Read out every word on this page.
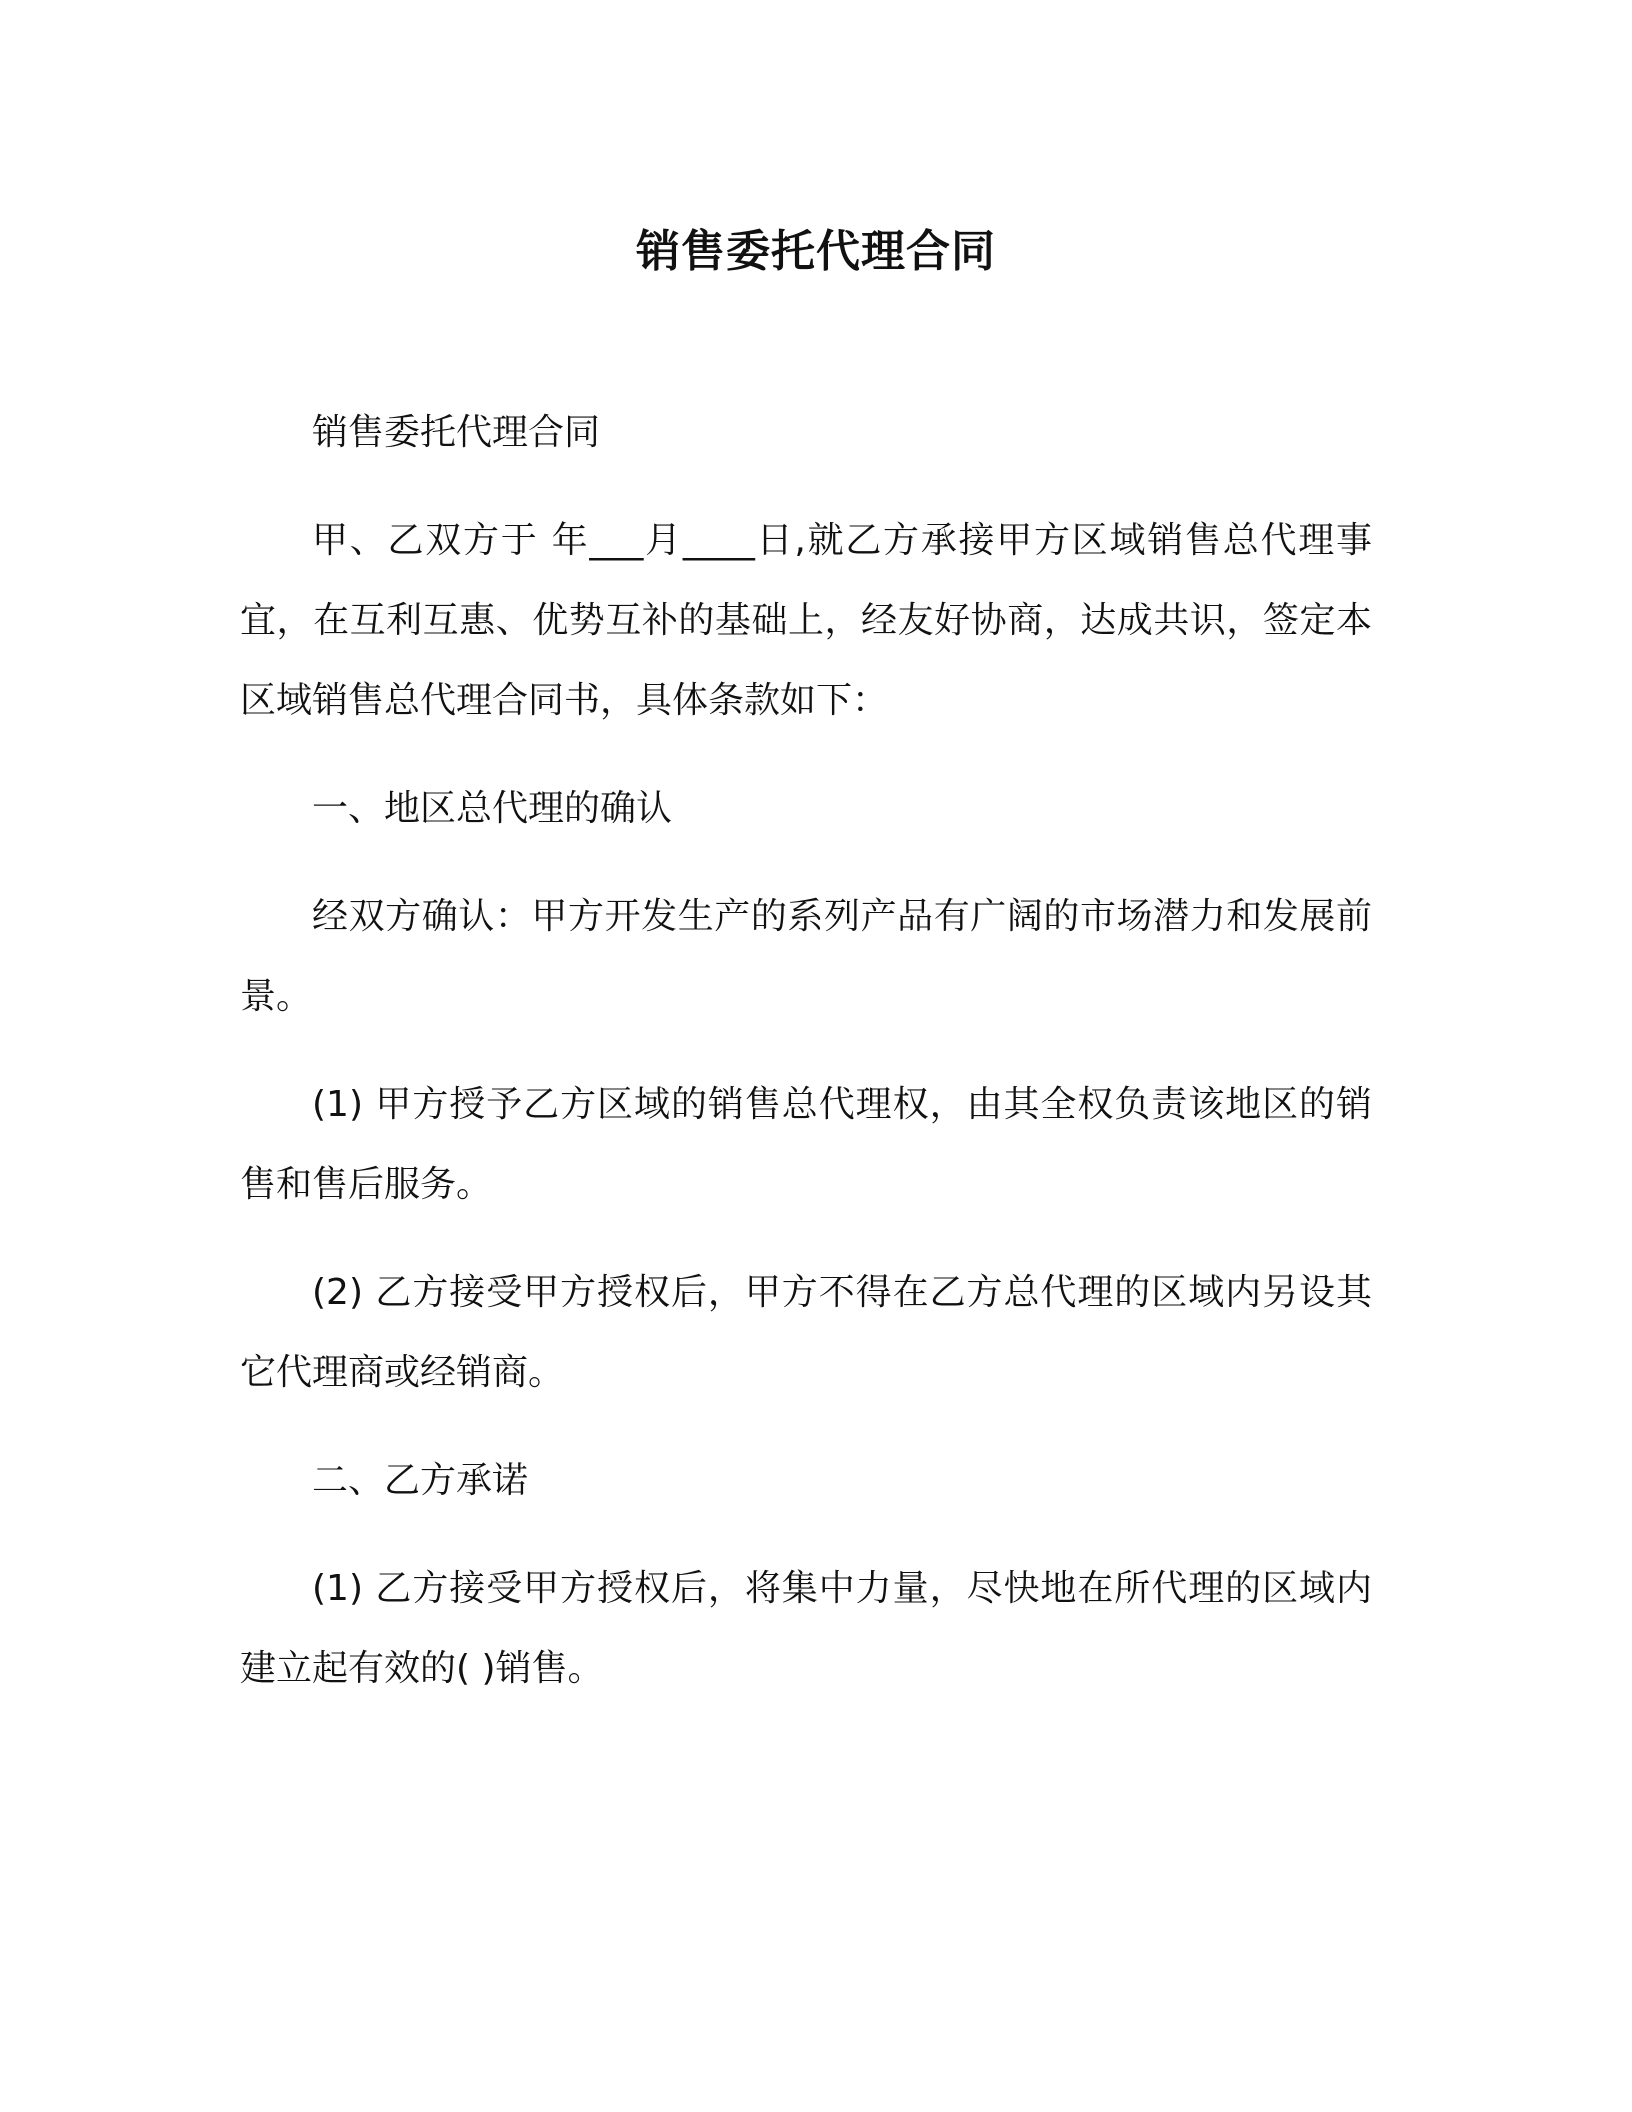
销售委托代理合同

销售委托代理合同

甲、乙双方于 年___月____日,就乙方承接甲方区域销售总代理事宜，在互利互惠、优势互补的基础上，经友好协商，达成共识，签定本区域销售总代理合同书，具体条款如下：

一、地区总代理的确认

经双方确认：甲方开发生产的系列产品有广阔的市场潜力和发展前景。

(1) 甲方授予乙方区域的销售总代理权，由其全权负责该地区的销售和售后服务。

(2) 乙方接受甲方授权后，甲方不得在乙方总代理的区域内另设其它代理商或经销商。

二、乙方承诺

(1) 乙方接受甲方授权后，将集中力量，尽快地在所代理的区域内建立起有效的( )销售。
